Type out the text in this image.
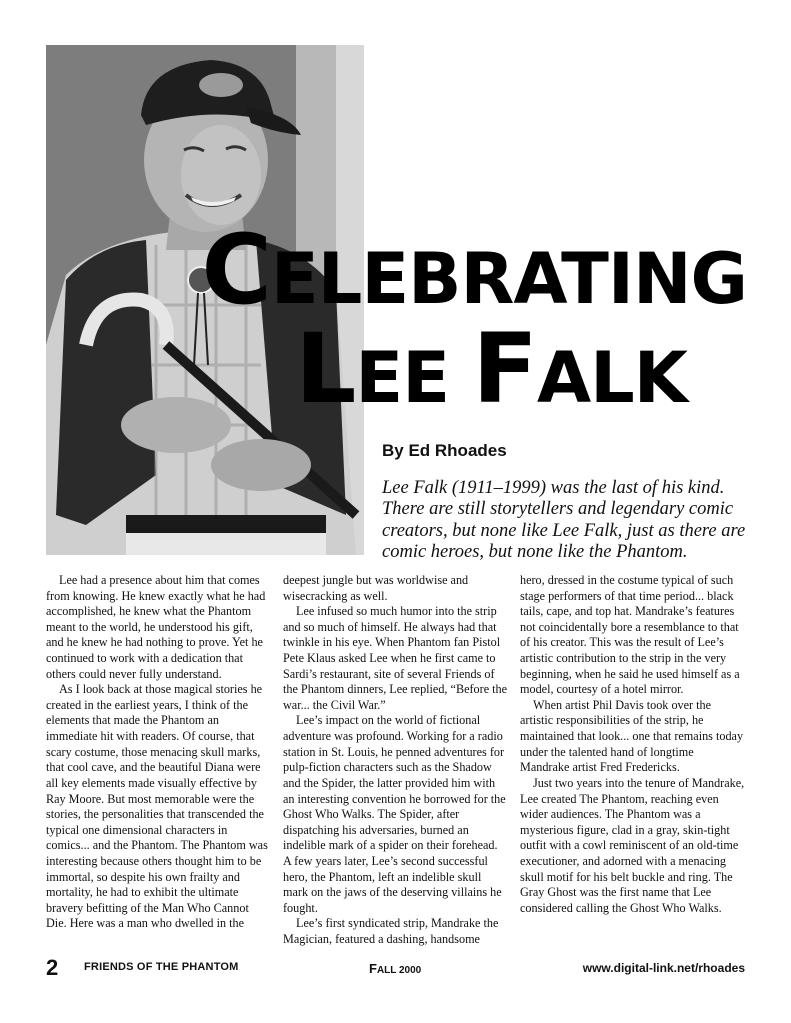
CELEBRATING
LEE FALK
By Ed Rhoades
Lee Falk (1911–1999) was the last of his kind. There are still storytellers and legendary comic creators, but none like Lee Falk, just as there are comic heroes, but none like the Phantom.

Lee had a presence about him that comes from knowing. He knew exactly what he had accomplished, he knew what the Phantom meant to the world, he understood his gift, and he knew he had nothing to prove. Yet he continued to work with a dedication that others could never fully understand.

As I look back at those magical stories he created in the earliest years, I think of the elements that made the Phantom an immediate hit with readers. Of course, that scary costume, those menacing skull marks, that cool cave, and the beautiful Diana were all key elements made visually effective by Ray Moore. But most memorable were the stories, the personalities that transcended the typical one dimensional characters in comics... and the Phantom. The Phantom was interesting because others thought him to be immortal, so despite his own frailty and mortality, he had to exhibit the ultimate bravery befitting of the Man Who Cannot Die. Here was a man who dwelled in the

deepest jungle but was worldwise and wisecracking as well.

Lee infused so much humor into the strip and so much of himself. He always had that twinkle in his eye. When Phantom fan Pistol Pete Klaus asked Lee when he first came to Sardi’s restaurant, site of several Friends of the Phantom dinners, Lee replied, “Before the war... the Civil War.”

Lee’s impact on the world of fictional adventure was profound. Working for a radio station in St. Louis, he penned adventures for pulp-fiction characters such as the Shadow and the Spider, the latter provided him with an interesting convention he borrowed for the Ghost Who Walks. The Spider, after dispatching his adversaries, burned an indelible mark of a spider on their forehead. A few years later, Lee’s second successful hero, the Phantom, left an indelible skull mark on the jaws of the deserving villains he fought.

Lee’s first syndicated strip, Mandrake the Magician, featured a dashing, handsome

hero, dressed in the costume typical of such stage performers of that time period... black tails, cape, and top hat. Mandrake’s features not coincidentally bore a resemblance to that of his creator. This was the result of Lee’s artistic contribution to the strip in the very beginning, when he said he used himself as a model, courtesy of a hotel mirror.

When artist Phil Davis took over the artistic responsibilities of the strip, he maintained that look... one that remains today under the talented hand of longtime Mandrake artist Fred Fredericks.

Just two years into the tenure of Mandrake, Lee created The Phantom, reaching even wider audiences. The Phantom was a mysterious figure, clad in a gray, skin-tight outfit with a cowl reminiscent of an old-time executioner, and adorned with a menacing skull motif for his belt buckle and ring. The Gray Ghost was the first name that Lee considered calling the Ghost Who Walks.

2 FRIENDS OF THE PHANTOM	FALL 2000	www.digital-link.net/rhoades
